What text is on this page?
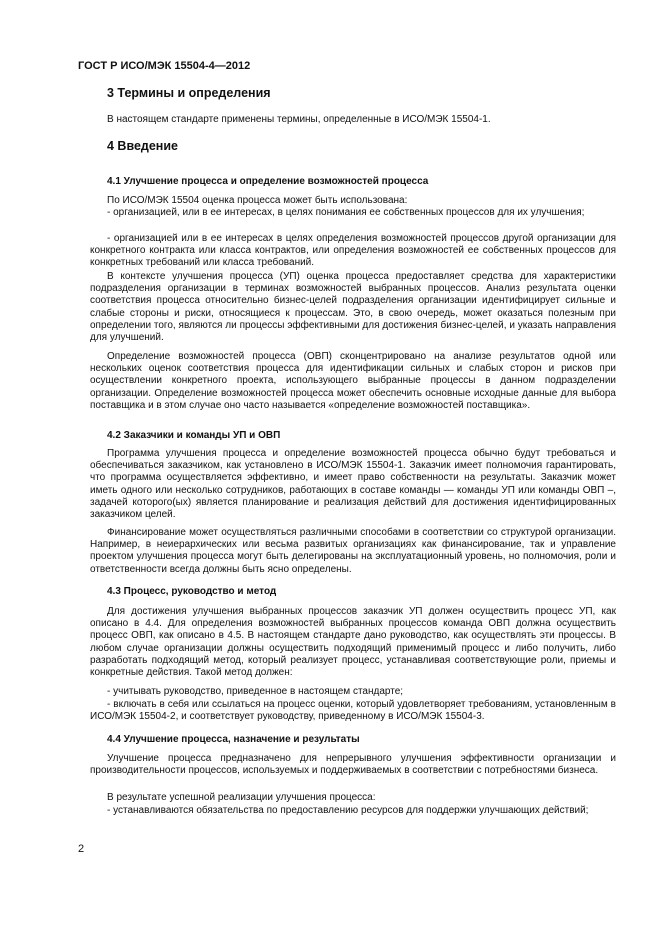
ГОСТ Р ИСО/МЭК 15504-4—2012
3 Термины и определения
В настоящем стандарте применены термины, определенные в ИСО/МЭК 15504-1.
4 Введение
4.1 Улучшение процесса и определение возможностей процесса
По ИСО/МЭК 15504 оценка процесса может быть использована:
- организацией, или в ее интересах, в целях понимания ее собственных процессов для их улучшения;
- организацией или в ее интересах в целях определения возможностей процессов другой организации для конкретного контракта или класса контрактов, или определения возможностей ее собственных процессов для конкретных требований или класса требований.
В контексте улучшения процесса (УП) оценка процесса предоставляет средства для характеристики подразделения организации в терминах возможностей выбранных процессов. Анализ результата оценки соответствия процесса относительно бизнес-целей подразделения организации идентифицирует сильные и слабые стороны и риски, относящиеся к процессам. Это, в свою очередь, может оказаться полезным при определении того, являются ли процессы эффективными для достижения бизнес-целей, и указать направления для улучшений.
Определение возможностей процесса (ОВП) сконцентрировано на анализе результатов одной или нескольких оценок соответствия процесса для идентификации сильных и слабых сторон и рисков при осуществлении конкретного проекта, использующего выбранные процессы в данном подразделении организации. Определение возможностей процесса может обеспечить основные исходные данные для выбора поставщика и в этом случае оно часто называется «определение возможностей поставщика».
4.2 Заказчики и команды УП и ОВП
Программа улучшения процесса и определение возможностей процесса обычно будут требоваться и обеспечиваться заказчиком, как установлено в ИСО/МЭК 15504-1. Заказчик имеет полномочия гарантировать, что программа осуществляется эффективно, и имеет право собственности на результаты. Заказчик может иметь одного или несколько сотрудников, работающих в составе команды — команды УП или команды ОВП –, задачей которого(ых) является планирование и реализация действий для достижения идентифицированных заказчиком целей.
Финансирование может осуществляться различными способами в соответствии со структурой организации. Например, в неиерархических или весьма развитых организациях как финансирование, так и управление проектом улучшения процесса могут быть делегированы на эксплуатационный уровень, но полномочия, роли и ответственности всегда должны быть ясно определены.
4.3 Процесс, руководство и метод
Для достижения улучшения выбранных процессов заказчик УП должен осуществить процесс УП, как описано в 4.4. Для определения возможностей выбранных процессов команда ОВП должна осуществить процесс ОВП, как описано в 4.5. В настоящем стандарте дано руководство, как осуществлять эти процессы. В любом случае организации должны осуществить подходящий применимый процесс и либо получить, либо разработать подходящий метод, который реализует процесс, устанавливая соответствующие роли, приемы и конкретные действия. Такой метод должен:
- учитывать руководство, приведенное в настоящем стандарте;
- включать в себя или ссылаться на процесс оценки, который удовлетворяет требованиям, установленным в ИСО/МЭК 15504-2, и соответствует руководству, приведенному в ИСО/МЭК 15504-3.
4.4 Улучшение процесса, назначение и результаты
Улучшение процесса предназначено для непрерывного улучшения эффективности организации и производительности процессов, используемых и поддерживаемых в соответствии с потребностями бизнеса.
В результате успешной реализации улучшения процесса:
- устанавливаются обязательства по предоставлению ресурсов для поддержки улучшающих действий;
2
